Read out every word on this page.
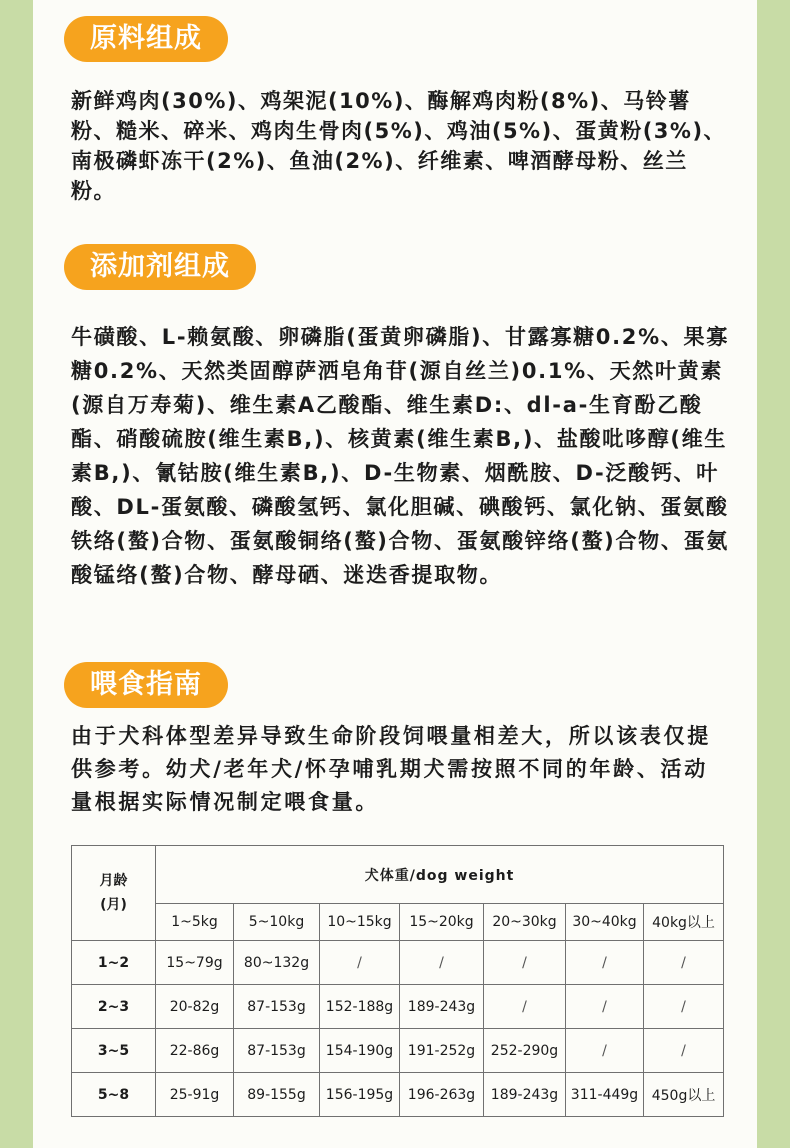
原料组成

新鲜鸡肉(30%)、鸡架泥(10%)、酶解鸡肉粉(8%)、马铃薯粉、糙米、碎米、鸡肉生骨肉(5%)、鸡油(5%)、蛋黄粉(3%)、南极磷虾冻干(2%)、鱼油(2%)、纤维素、啤酒酵母粉、丝兰粉。

添加剂组成

牛磺酸、L-赖氨酸、卵磷脂(蛋黄卵磷脂)、甘露寡糖0.2%、果寡糖0.2%、天然类固醇萨洒皂角苷(源自丝兰)0.1%、天然叶黄素(源自万寿菊)、维生素A乙酸酯、维生素D:、dl-a-生育酚乙酸酯、硝酸硫胺(维生素B,)、核黄素(维生素B,)、盐酸吡哆醇(维生素B,)、氰钴胺(维生素B,)、D-生物素、烟酰胺、D-泛酸钙、叶酸、DL-蛋氨酸、磷酸氢钙、氯化胆碱、碘酸钙、氯化钠、蛋氨酸铁络(螯)合物、蛋氨酸铜络(螯)合物、蛋氨酸锌络(螯)合物、蛋氨酸锰络(螯)合物、酵母硒、迷迭香提取物。

喂食指南

由于犬科体型差异导致生命阶段饲喂量相差大，所以该表仅提供参考。幼犬/老年犬/怀孕哺乳期犬需按照不同的年龄、活动量根据实际情况制定喂食量。

月龄
(月)	犬体重/dog weight						
	1~5kg	5~10kg	10~15kg	15~20kg	20~30kg	30~40kg	40kg以上
1~2	15~79g	80~132g	/	/	/	/	/
2~3	20-82g	87-153g	152-188g	189-243g	/	/	/
3~5	22-86g	87-153g	154-190g	191-252g	252-290g	/	/
5~8	25-91g	89-155g	156-195g	196-263g	189-243g	311-449g	450g以上
